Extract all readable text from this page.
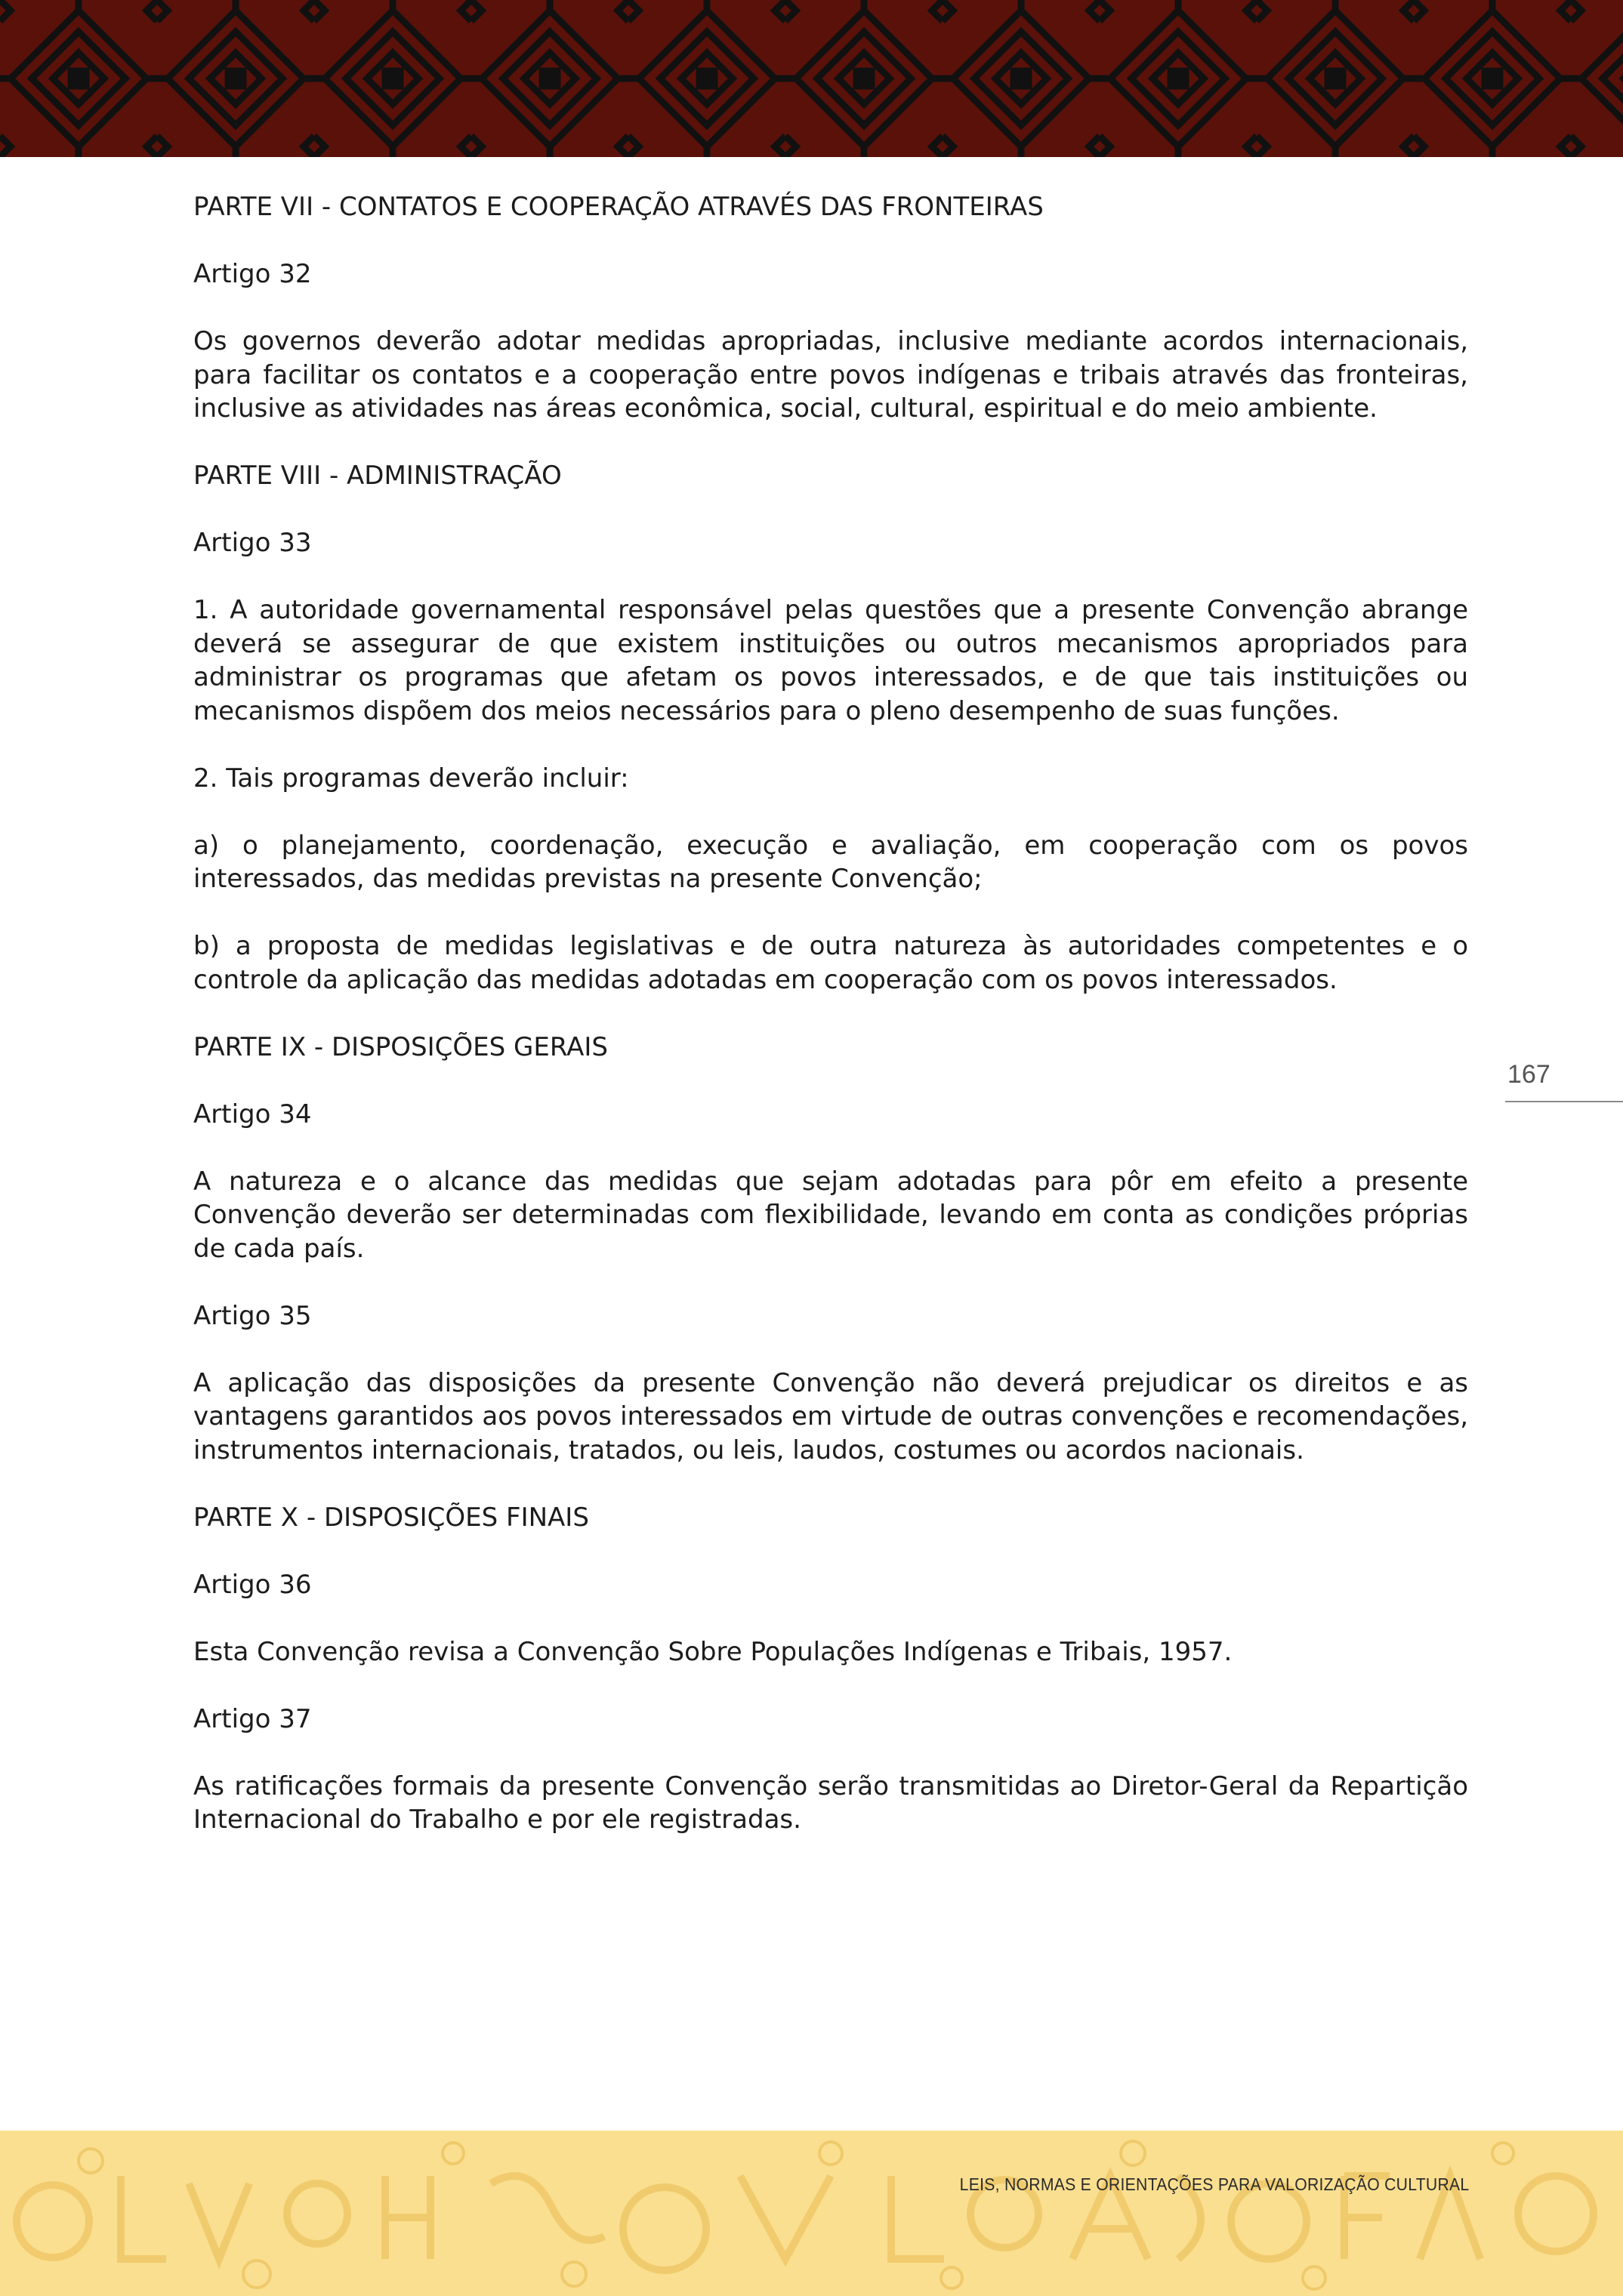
PARTE VII - CONTATOS E COOPERAÇÃO ATRAVÉS DAS FRONTEIRAS

Artigo 32

Os governos deverão adotar medidas apropriadas, inclusive mediante acordos internacionais, para facilitar os contatos e a cooperação entre povos indígenas e tribais através das fronteiras, inclusive as atividades nas áreas econômica, social, cultural, espiritual e do meio ambiente.

PARTE VIII - ADMINISTRAÇÃO

Artigo 33

1. A autoridade governamental responsável pelas questões que a presente Convenção abrange deverá se assegurar de que existem instituições ou outros mecanismos apropriados para administrar os programas que afetam os povos interessados, e de que tais instituições ou mecanismos dispõem dos meios necessários para o pleno desempenho de suas funções.

2. Tais programas deverão incluir:

a) o planejamento, coordenação, execução e avaliação, em cooperação com os povos interessados, das medidas previstas na presente Convenção;

b) a proposta de medidas legislativas e de outra natureza às autoridades competentes e o controle da aplicação das medidas adotadas em cooperação com os povos interessados.

PARTE IX - DISPOSIÇÕES GERAIS

Artigo 34

A natureza e o alcance das medidas que sejam adotadas para pôr em efeito a presente Convenção deverão ser determinadas com flexibilidade, levando em conta as condições próprias de cada país.

Artigo 35

A aplicação das disposições da presente Convenção não deverá prejudicar os direitos e as vantagens garantidos aos povos interessados em virtude de outras convenções e recomendações, instrumentos internacionais, tratados, ou leis, laudos, costumes ou acordos nacionais.

PARTE X - DISPOSIÇÕES FINAIS

Artigo 36

Esta Convenção revisa a Convenção Sobre Populações Indígenas e Tribais, 1957.

Artigo 37

As ratificações formais da presente Convenção serão transmitidas ao Diretor-Geral da Repartição Internacional do Trabalho e por ele registradas.

167
LEIS, NORMAS E ORIENTAÇÕES PARA VALORIZAÇÃO CULTURAL
